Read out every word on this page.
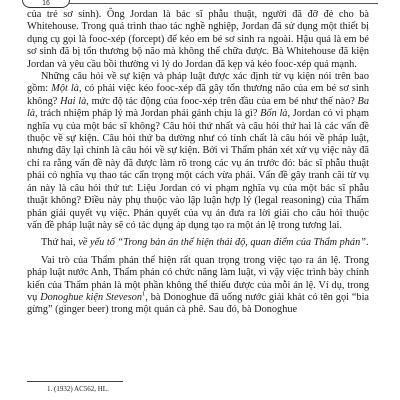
16

của trẻ sơ sinh). Ông Jordan là bác sĩ phẫu thuật, người đã đỡ đẻ cho bà Whitehouse. Trong quá trình thao tác nghề nghiệp, Jordan đã sử dụng một thiết bị dụng cụ gọi là fooc-xép (forcept) để kéo em bé sơ sinh ra ngoài. Hậu quả là em bé sơ sinh đã bị tổn thương bộ não mà không thể chữa được. Bà Whitehouse đã kiện Jordan và yêu cầu bồi thường vì lý do Jordan đã kẹp và kéo fooc-xép quá mạnh.

Những câu hỏi về sự kiện và pháp luật được xác định từ vụ kiện nói trên bao gồm: Một là, có phải việc kéo fooc-xép đã gây tổn thương não của em bé sơ sinh không? Hai là, mức độ tác động của fooc-xép trên đầu của em bé như thế nào? Ba là, trách nhiệm pháp lý mà Jordan phải gánh chịu là gì? Bốn là, Jordan có vi phạm nghĩa vụ của một bác sĩ không? Câu hỏi thứ nhất và câu hỏi thứ hai là các vấn đề thuộc về sự kiện. Câu hỏi thứ ba dường như có tính chất là câu hỏi về pháp luật, nhưng đây lại chính là câu hỏi về sự kiện. Bởi vì Thẩm phán xét xử vụ việc này đã chỉ ra rằng vấn đề này đã được làm rõ trong các vụ án trước đó: bác sĩ phẫu thuật phải có nghĩa vụ thao tác cẩn trọng một cách vừa phải. Vấn đề gây tranh cãi từ vụ án này là câu hỏi thứ tư: Liệu Jordan có vi phạm nghĩa vụ của một bác sĩ phẫu thuật không? Điều này phụ thuộc vào lập luận hợp lý (legal reasoning) của Thẩm phán giải quyết vụ việc. Phán quyết của vụ án đưa ra lời giải cho câu hỏi thuộc vấn đề pháp luật này sẽ có tác dụng áp dụng tạo ra một án lệ trong tương lai.

Thứ hai, về yếu tố “Trong bản án thể hiện thái độ, quan điểm của Thẩm phán”.

Vai trò của Thẩm phán thể hiện rất quan trọng trong việc tạo ra án lệ. Trong pháp luật nước Anh, Thẩm phán có chức năng làm luật, vì vậy việc trình bày chính kiến của Thẩm phán là một phần không thể thiếu được của mỗi án lệ. Ví dụ, trong vụ Donoghue kiện Steveson$^1$, bà Donoghue đã uống nước giải khát có tên gọi “bia gừng” (ginger beer) trong một quán cà phê. Sau đó, bà Donoghue

1. (1932) AC562, HL.
